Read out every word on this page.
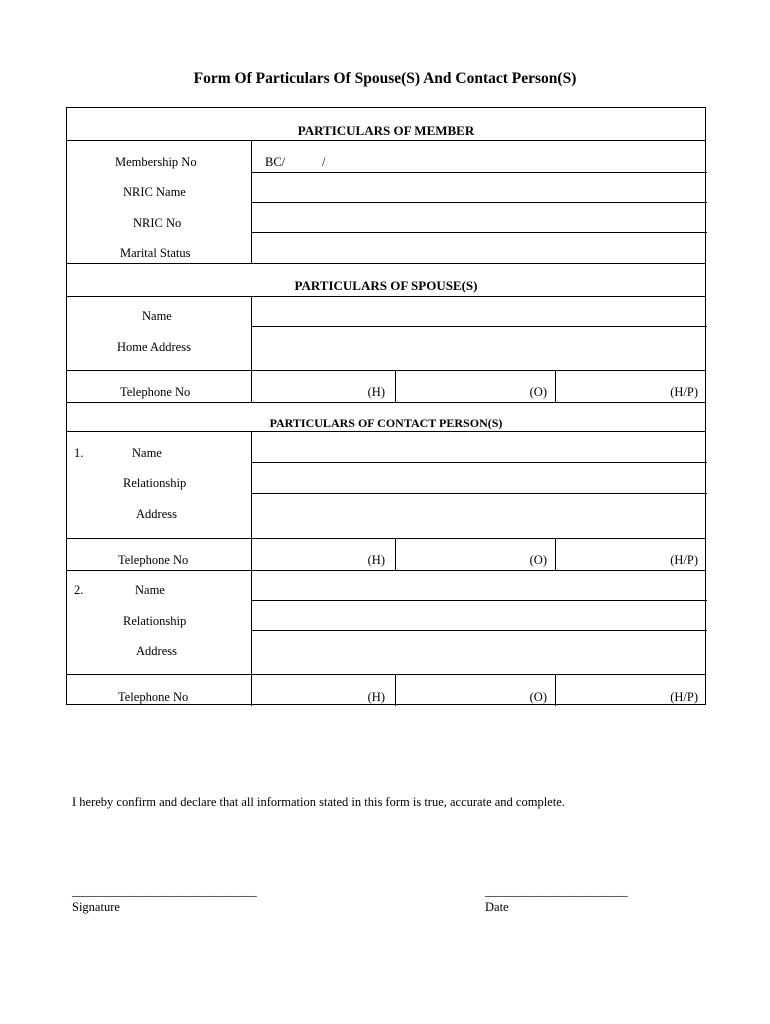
Form Of Particulars Of Spouse(S) And Contact Person(S)
PARTICULARS OF MEMBER
Membership No	BC/	/
NRIC Name
NRIC No
Marital Status
PARTICULARS OF SPOUSE(S)
Name
Home Address
Telephone No	(H)	(O)	(H/P)
PARTICULARS OF CONTACT PERSON(S)
1.	Name
Relationship
Address
Telephone No	(H)	(O)	(H/P)
2.	Name
Relationship
Address
Telephone No	(H)	(O)	(H/P)
I hereby confirm and declare that all information stated in this form is true, accurate and complete.
___________________________________
Signature
___________________________
Date
